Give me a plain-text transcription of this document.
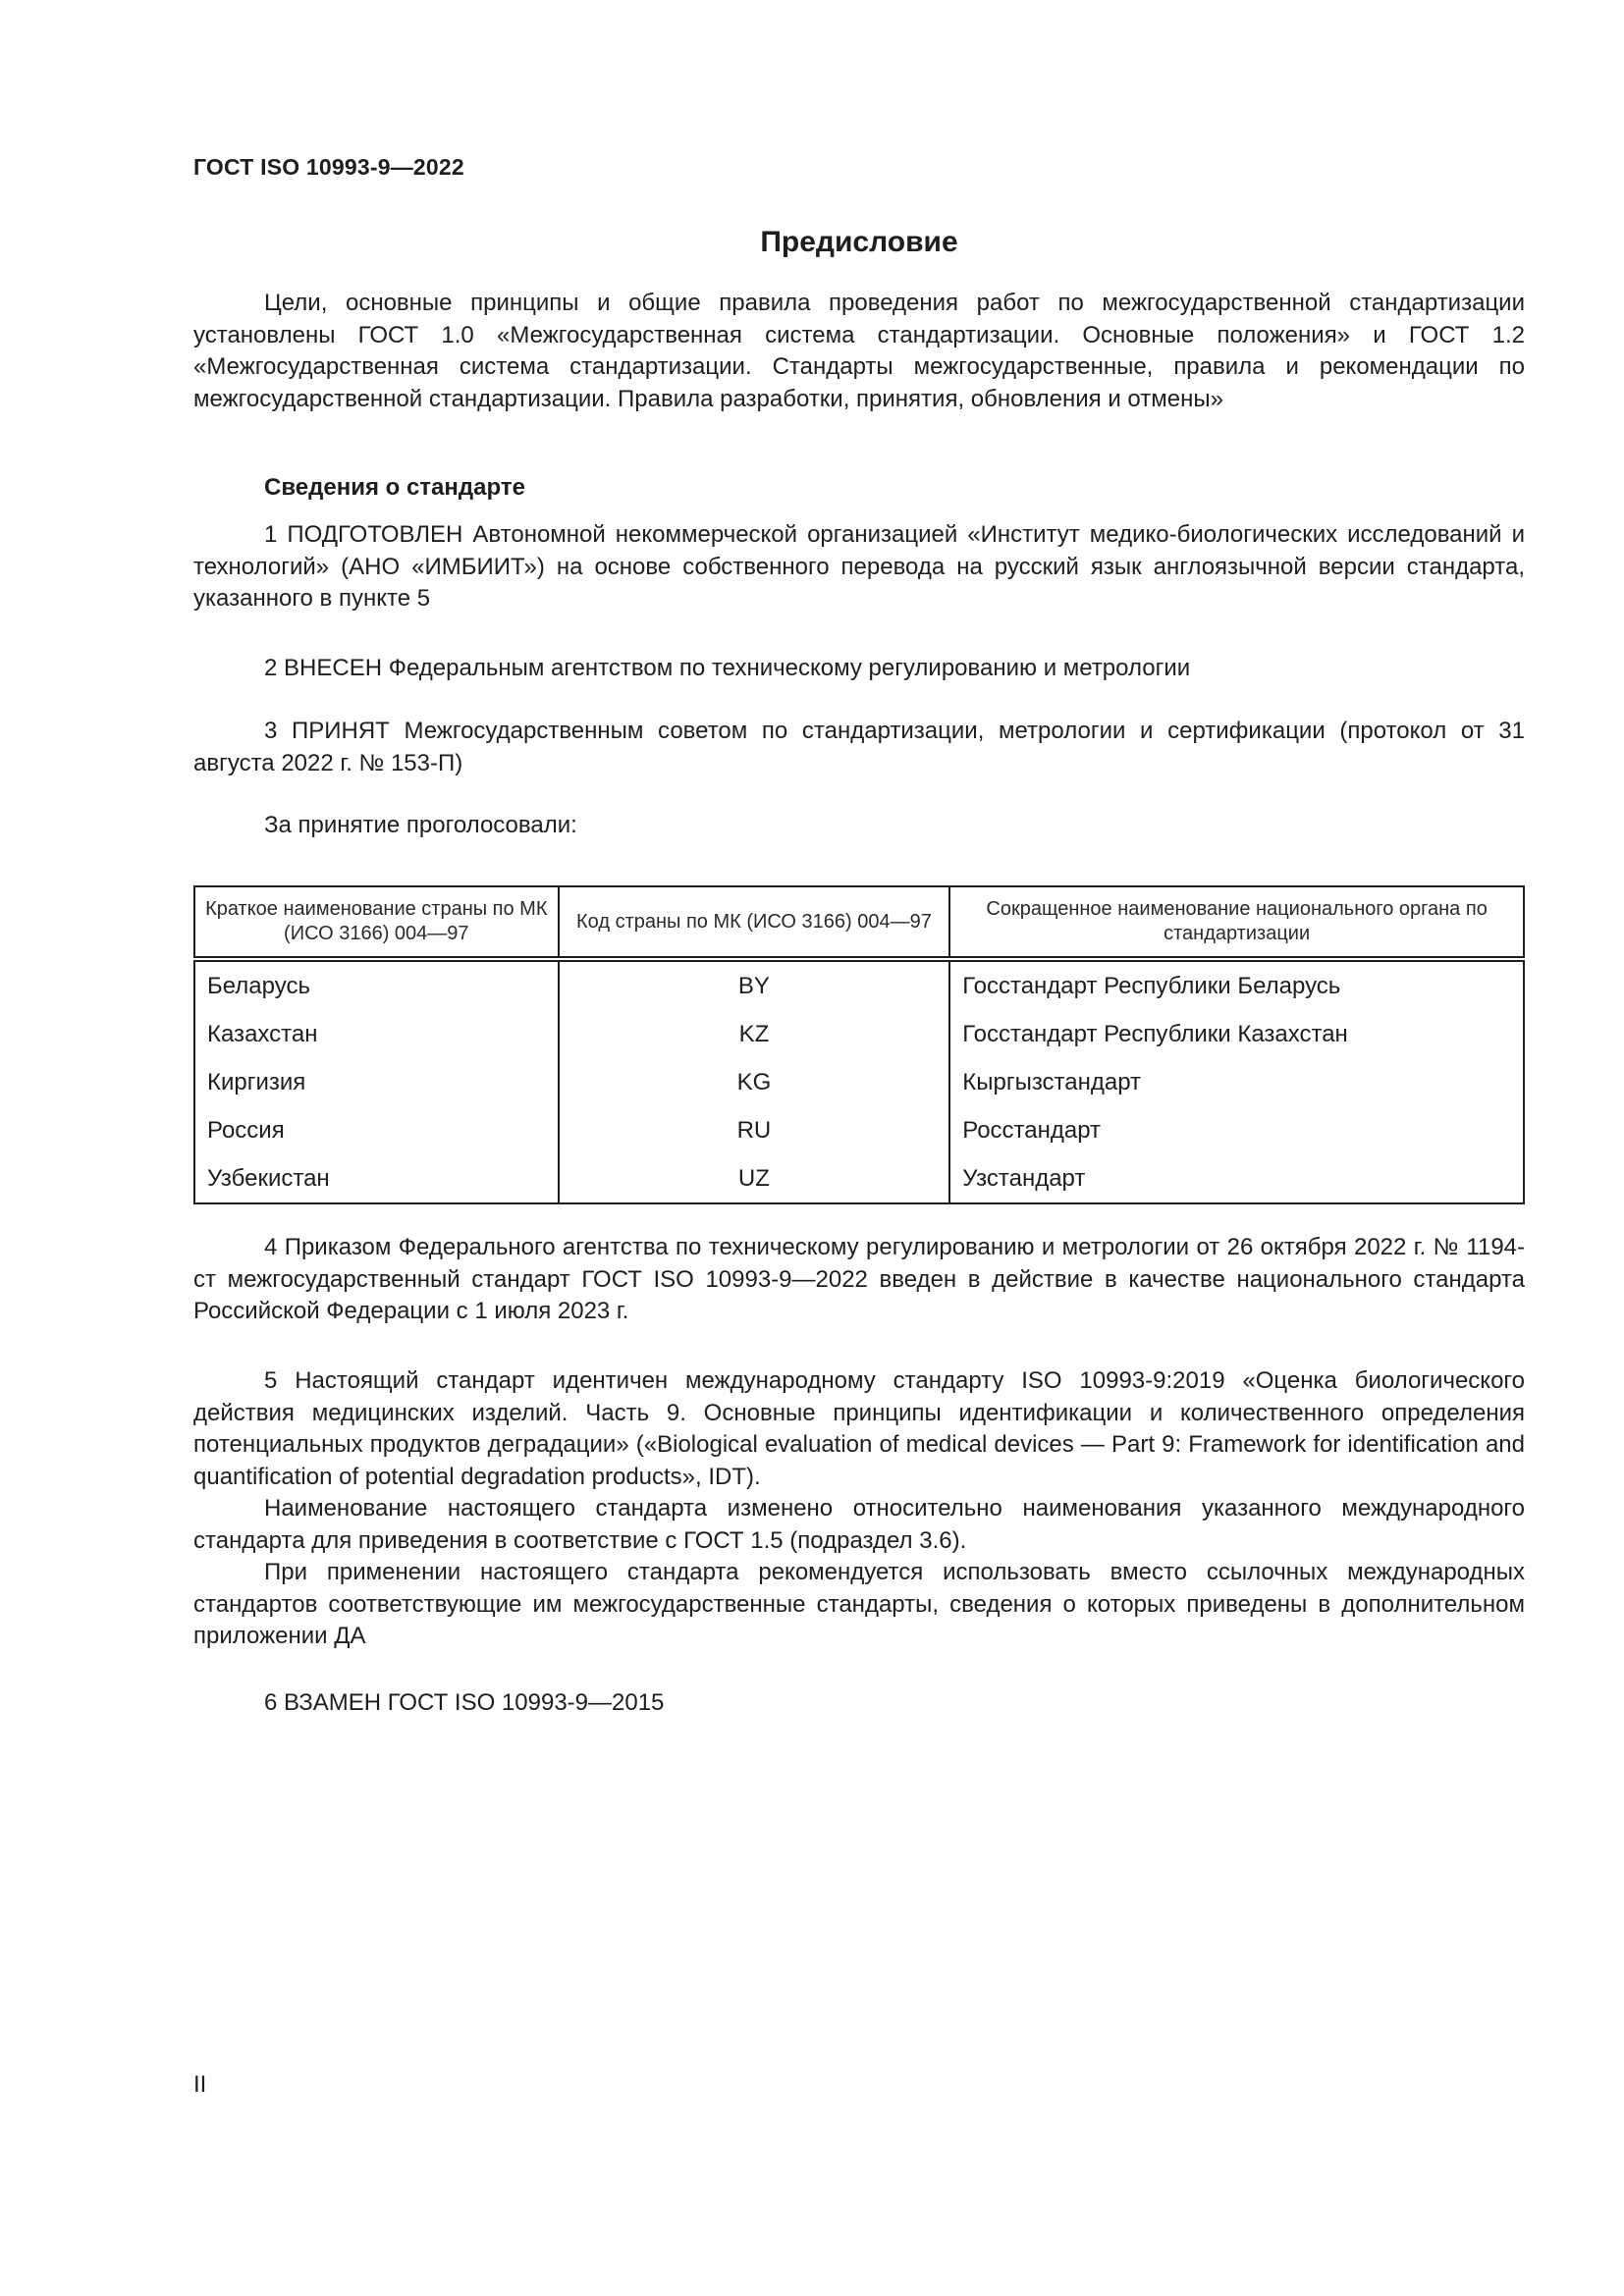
ГОСТ ISO 10993-9—2022
Предисловие

Цели, основные принципы и общие правила проведения работ по межгосударственной стандартизации установлены ГОСТ 1.0 «Межгосударственная система стандартизации. Основные положения» и ГОСТ 1.2 «Межгосударственная система стандартизации. Стандарты межгосударственные, правила и рекомендации по межгосударственной стандартизации. Правила разработки, принятия, обновления и отмены»

Сведения о стандарте

1 ПОДГОТОВЛЕН Автономной некоммерческой организацией «Институт медико-биологических исследований и технологий» (АНО «ИМБИИТ») на основе собственного перевода на русский язык англоязычной версии стандарта, указанного в пункте 5

2 ВНЕСЕН Федеральным агентством по техническому регулированию и метрологии

3 ПРИНЯТ Межгосударственным советом по стандартизации, метрологии и сертификации (протокол от 31 августа 2022 г. № 153-П)

За принятие проголосовали:

Краткое наименование страны по МК (ИСО 3166) 004—97	Код страны по МК (ИСО 3166) 004—97	Сокращенное наименование национального органа по стандартизации
Беларусь	BY	Госстандарт Республики Беларусь
Казахстан	KZ	Госстандарт Республики Казахстан
Киргизия	KG	Кыргызстандарт
Россия	RU	Росстандарт
Узбекистан	UZ	Узстандарт

4 Приказом Федерального агентства по техническому регулированию и метрологии от 26 октября 2022 г. № 1194-ст межгосударственный стандарт ГОСТ ISO 10993-9—2022 введен в действие в качестве национального стандарта Российской Федерации с 1 июля 2023 г.

5 Настоящий стандарт идентичен международному стандарту ISO 10993-9:2019 «Оценка биологического действия медицинских изделий. Часть 9. Основные принципы идентификации и количественного определения потенциальных продуктов деградации» («Biological evaluation of medical devices — Part 9: Framework for identification and quantification of potential degradation products», IDT).

Наименование настоящего стандарта изменено относительно наименования указанного международного стандарта для приведения в соответствие с ГОСТ 1.5 (подраздел 3.6).

При применении настоящего стандарта рекомендуется использовать вместо ссылочных международных стандартов соответствующие им межгосударственные стандарты, сведения о которых приведены в дополнительном приложении ДА

6 ВЗАМЕН ГОСТ ISO 10993-9—2015

II
